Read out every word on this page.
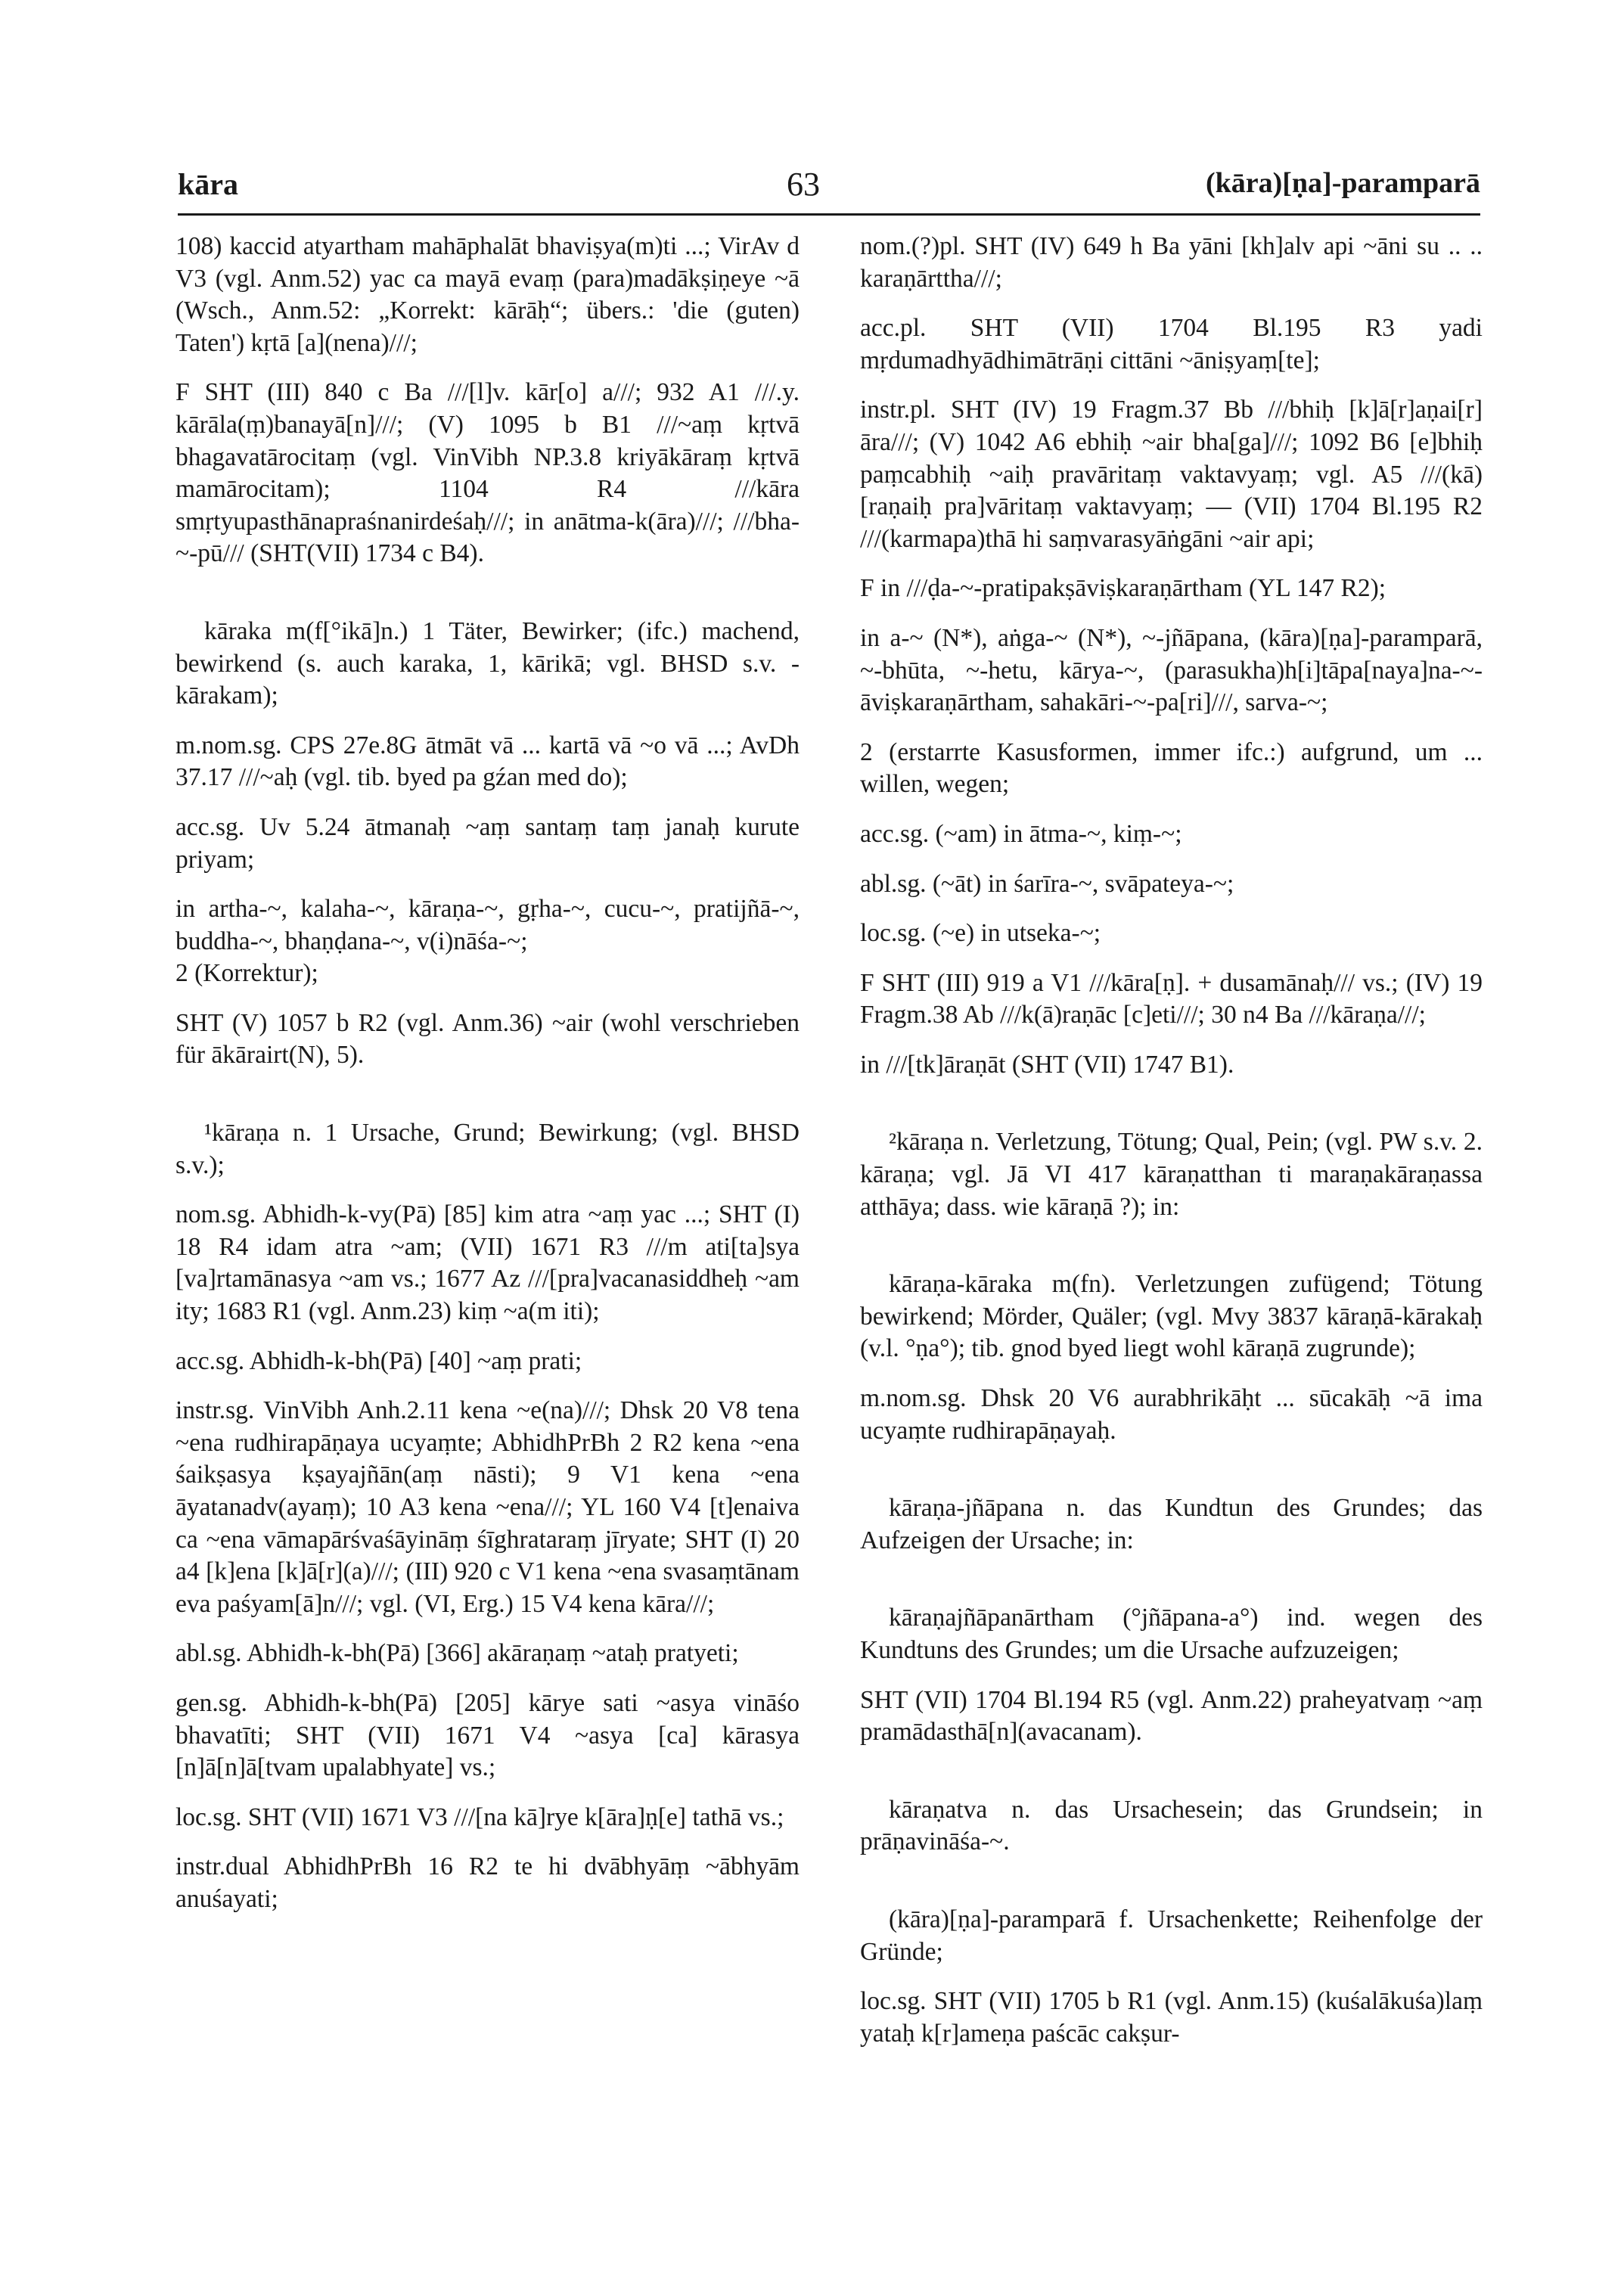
kāra	63	(kāra)[ṇa]-paramparā

108) kaccid atyartham mahāphalāt bhaviṣya(m)ti ...; VirAv d V3 (vgl. Anm.52) yac ca mayā evaṃ (para)madākṣiṇeye ~ā (Wsch., Anm.52: „Korrekt: kārāḥ“; übers.: 'die (guten) Taten') kṛtā [a](nena)///;

F SHT (III) 840 c Ba ///[l]v. kār[o] a///; 932 A1 ///.y. kārāla(ṃ)banayā[n]///; (V) 1095 b B1 ///~aṃ kṛtvā bhagavatārocitaṃ (vgl. VinVibh NP.3.8 kriyākāraṃ kṛtvā mamārocitam); 1104 R4 ///kāra smṛtyupasthānapraśnanirdeśaḥ///; in anātma-k(āra)///; ///bha-~-pū/// (SHT(VII) 1734 c B4).

kāraka m(f[°ikā]n.) 1 Täter, Bewirker; (ifc.) machend, bewirkend (s. auch karaka, 1, kārikā; vgl. BHSD s.v. -kārakam);

m.nom.sg. CPS 27e.8G ātmāt vā ... kartā vā ~o vā ...; AvDh 37.17 ///~aḥ (vgl. tib. byed pa gźan med do);

acc.sg. Uv 5.24 ātmanaḥ ~aṃ santaṃ taṃ janaḥ kurute priyam;

in artha-~, kalaha-~, kāraṇa-~, gṛha-~, cucu-~, pratijñā-~, buddha-~, bhaṇḍana-~, v(i)nāśa-~;

2 (Korrektur);

SHT (V) 1057 b R2 (vgl. Anm.36) ~air (wohl verschrieben für ākārairt(N), 5).

¹kāraṇa n. 1 Ursache, Grund; Bewirkung; (vgl. BHSD s.v.);

nom.sg. Abhidh-k-vy(Pā) [85] kim atra ~aṃ yac ...; SHT (I) 18 R4 idam atra ~am; (VII) 1671 R3 ///m ati[ta]sya [va]rtamānasya ~am vs.; 1677 Az ///[pra]vacanasiddheḥ ~am ity; 1683 R1 (vgl. Anm.23) kiṃ ~a(m iti);

acc.sg. Abhidh-k-bh(Pā) [40] ~aṃ prati;

instr.sg. VinVibh Anh.2.11 kena ~e(na)///; Dhsk 20 V8 tena ~ena rudhirapāṇaya ucyaṃte; AbhidhPrBh 2 R2 kena ~ena śaikṣasya kṣayajñān(aṃ nāsti); 9 V1 kena ~ena āyatanadv(ayaṃ); 10 A3 kena ~ena///; YL 160 V4 [t]enaiva ca ~ena vāmapārśvaśāyināṃ śīghrataraṃ jīryate; SHT (I) 20 a4 [k]ena [k]ā[r](a)///; (III) 920 c V1 kena ~ena svasaṃtānam eva paśyam[ā]n///; vgl. (VI, Erg.) 15 V4 kena kāra///;

abl.sg. Abhidh-k-bh(Pā) [366] akāraṇaṃ ~ataḥ pratyeti;

gen.sg. Abhidh-k-bh(Pā) [205] kārye sati ~asya vināśo bhavatīti; SHT (VII) 1671 V4 ~asya [ca] kārasya [n]ā[n]ā[tvam upalabhyate] vs.;

loc.sg. SHT (VII) 1671 V3 ///[na kā]rye k[āra]ṇ[e] tathā vs.;

instr.dual AbhidhPrBh 16 R2 te hi dvābhyāṃ ~ābhyām anuśayati;

nom.(?)pl. SHT (IV) 649 h Ba yāni [kh]alv api ~āni su .. .. karaṇārttha///;

acc.pl. SHT (VII) 1704 Bl.195 R3 yadi mṛdumadhyādhimātrāṇi cittāni ~āniṣyaṃ[te];

instr.pl. SHT (IV) 19 Fragm.37 Bb ///bhiḥ [k]ā[r]aṇai[r] āra///; (V) 1042 A6 ebhiḥ ~air bha[ga]///; 1092 B6 [e]bhiḥ paṃcabhiḥ ~aiḥ pravāritaṃ vaktavyaṃ; vgl. A5 ///(kā)[raṇaiḥ pra]vāritaṃ vaktavyaṃ; — (VII) 1704 Bl.195 R2 ///(karmapa)thā hi saṃvarasyāṅgāni ~air api;

F in ///ḍa-~-pratipakṣāviṣkaraṇārtham (YL 147 R2);

in a-~ (N*), aṅga-~ (N*), ~-jñāpana, (kāra)[ṇa]-paramparā, ~-bhūta, ~-hetu, kārya-~, (parasukha)h[i]tāpa[naya]na-~-āviṣkaraṇārtham, sahakāri-~-pa[ri]///, sarva-~;

2 (erstarrte Kasusformen, immer ifc.:) aufgrund, um ... willen, wegen;

acc.sg. (~am) in ātma-~, kiṃ-~;

abl.sg. (~āt) in śarīra-~, svāpateya-~;

loc.sg. (~e) in utseka-~;

F SHT (III) 919 a V1 ///kāra[ṇ]. + dusamānaḥ/// vs.; (IV) 19 Fragm.38 Ab ///k(ā)raṇāc [c]eti///; 30 n4 Ba ///kāraṇa///;

in ///[tk]āraṇāt (SHT (VII) 1747 B1).

²kāraṇa n. Verletzung, Tötung; Qual, Pein; (vgl. PW s.v. 2. kāraṇa; vgl. Jā VI 417 kāraṇatthan ti maraṇakāraṇassa atthāya; dass. wie kāraṇā ?); in:

kāraṇa-kāraka m(fn). Verletzungen zufügend; Tötung bewirkend; Mörder, Quäler; (vgl. Mvy 3837 kāraṇā-kārakaḥ (v.l. °ṇa°); tib. gnod byed liegt wohl kāraṇā zugrunde);

m.nom.sg. Dhsk 20 V6 aurabhrikāḥt ... sūcakāḥ ~ā ima ucyaṃte rudhirapāṇayaḥ.

kāraṇa-jñāpana n. das Kundtun des Grundes; das Aufzeigen der Ursache; in:

kāraṇajñāpanārtham (°jñāpana-a°) ind. wegen des Kundtuns des Grundes; um die Ursache aufzuzeigen;

SHT (VII) 1704 Bl.194 R5 (vgl. Anm.22) praheyatvaṃ ~aṃ pramādasthā[n](avacanam).

kāraṇatva n. das Ursachesein; das Grundsein; in prāṇavināśa-~.

(kāra)[ṇa]-paramparā f. Ursachenkette; Reihenfolge der Gründe;

loc.sg. SHT (VII) 1705 b R1 (vgl. Anm.15) (kuśalākuśa)laṃ yataḥ k[r]ameṇa paścāc cakṣur-
